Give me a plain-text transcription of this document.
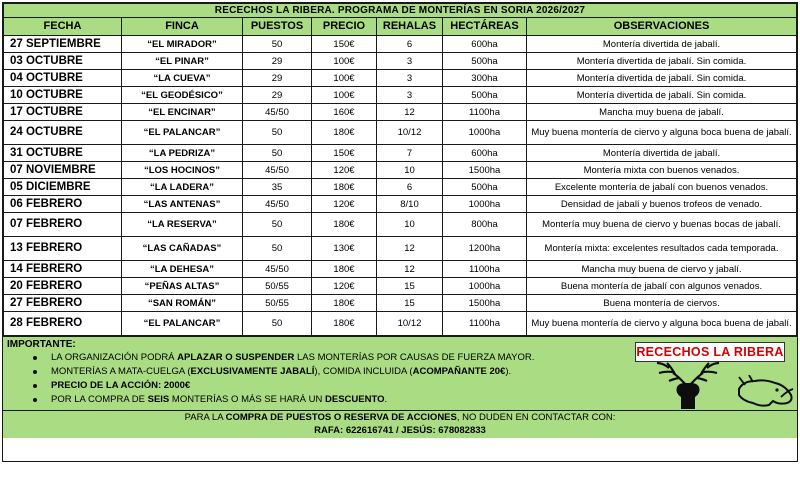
RECECHOS LA RIBERA. PROGRAMA DE MONTERÍAS EN SORIA 2026/2027						
FECHA	FINCA	PUESTOS	PRECIO	REHALAS	HECTÁREAS	OBSERVACIONES
27 SEPTIEMBRE	“EL MIRADOR”	50	150€	6	600ha	Montería divertida de jabalí.
03 OCTUBRE	“EL PINAR”	29	100€	3	500ha	Montería divertida de jabalí. Sin comida.
04 OCTUBRE	“LA CUEVA”	29	100€	3	300ha	Montería divertida de jabalí. Sin comida.
10 OCTUBRE	“EL GEODÉSICO”	29	100€	3	500ha	Montería divertida de jabalí. Sin comida.
17 OCTUBRE	“EL ENCINAR”	45/50	160€	12	1100ha	Mancha muy buena de jabalí.
24 OCTUBRE	“EL PALANCAR”	50	180€	10/12	1000ha	Muy buena montería de ciervo y alguna boca buena de jabalí.
31 OCTUBRE	“LA PEDRIZA”	50	150€	7	600ha	Montería divertida de jabalí.
07 NOVIEMBRE	“LOS HOCINOS”	45/50	120€	10	1500ha	Montería mixta con buenos venados.
05 DICIEMBRE	“LA LADERA”	35	180€	6	500ha	Excelente montería de jabalí con buenos venados.
06 FEBRERO	“LAS ANTENAS”	45/50	120€	8/10	1000ha	Densidad de jabalí y buenos trofeos de venado.
07 FEBRERO	“LA RESERVA”	50	180€	10	800ha	Montería muy buena de ciervo y buenas bocas de jabalí.
13 FEBRERO	“LAS CAÑADAS”	50	130€	12	1200ha	Montería mixta: excelentes resultados cada temporada.
14 FEBRERO	“LA DEHESA”	45/50	180€	12	1100ha	Mancha muy buena de ciervo y jabalí.
20 FEBRERO	“PEÑAS ALTAS”	50/55	120€	15	1000ha	Buena montería de jabalí con algunos venados.
27 FEBRERO	“SAN ROMÁN”	50/55	180€	15	1500ha	Buena montería de ciervos.
28 FEBRERO	“EL PALANCAR”	50	180€	10/12	1100ha	Muy buena montería de ciervo y alguna boca buena de jabalí.
IMPORTANTE:
LA ORGANIZACIÓN PODRÁ APLAZAR O SUSPENDER LAS MONTERÍAS POR CAUSAS DE FUERZA MAYOR.
MONTERÍAS A MATA-CUELGA (EXCLUSIVAMENTE JABALÍ), COMIDA INCLUIDA (ACOMPAÑANTE 20€).
PRECIO DE LA ACCIÓN: 2000€
POR LA COMPRA DE SEIS MONTERÍAS O MÁS SE HARÁ UN DESCUENTO.
RECECHOS LA RIBERA
PARA LA COMPRA DE PUESTOS O RESERVA DE ACCIONES, NO DUDEN EN CONTACTAR CON:
RAFA: 622616741 / JESÚS: 678082833
